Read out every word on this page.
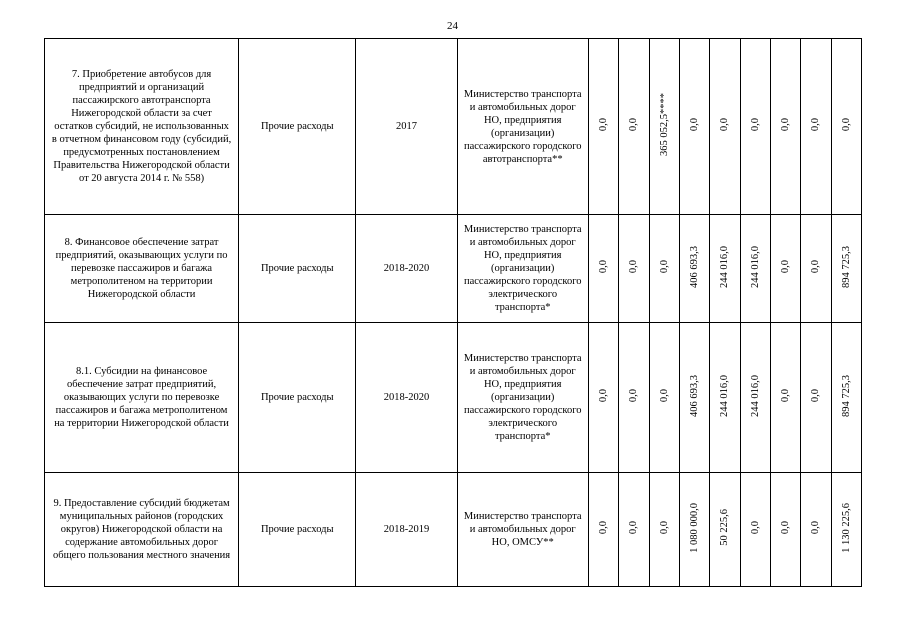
24
7. Приобретение автобусов для предприятий и организаций пассажирского автотранспорта Нижегородской области за счет остатков субсидий, не использованных в отчетном финансовом году (субсидий, предусмотренных постановлением Правительства Нижегородской области от 20 августа 2014 г. № 558)	Прочие расходы	2017	Министерство транспорта и автомобильных дорог НО, предприятия (организации) пассажирского городского автотранспорта**	0,0	0,0	365 052,5****	0,0	0,0	0,0	0,0	0,0	0,0
8. Финансовое обеспечение затрат предприятий, оказывающих услуги по перевозке пассажиров и багажа метрополитеном на территории Нижегородской области	Прочие расходы	2018-2020	Министерство транспорта и автомобильных дорог НО, предприятия (организации) пассажирского городского электрического транспорта*	0,0	0,0	0,0	406 693,3	244 016,0	244 016,0	0,0	0,0	894 725,3
8.1. Субсидии на финансовое обеспечение затрат предприятий, оказывающих услуги по перевозке пассажиров и багажа метрополитеном на территории Нижегородской области	Прочие расходы	2018-2020	Министерство транспорта и автомобильных дорог НО, предприятия (организации) пассажирского городского электрического транспорта*	0,0	0,0	0,0	406 693,3	244 016,0	244 016,0	0,0	0,0	894 725,3
9. Предоставление субсидий бюджетам муниципальных районов (городских округов) Нижегородской области на содержание автомобильных дорог общего пользования местного значения	Прочие расходы	2018-2019	Министерство транспорта и автомобильных дорог НО, ОМСУ**	0,0	0,0	0,0	1 080 000,0	50 225,6	0,0	0,0	0,0	1 130 225,6
